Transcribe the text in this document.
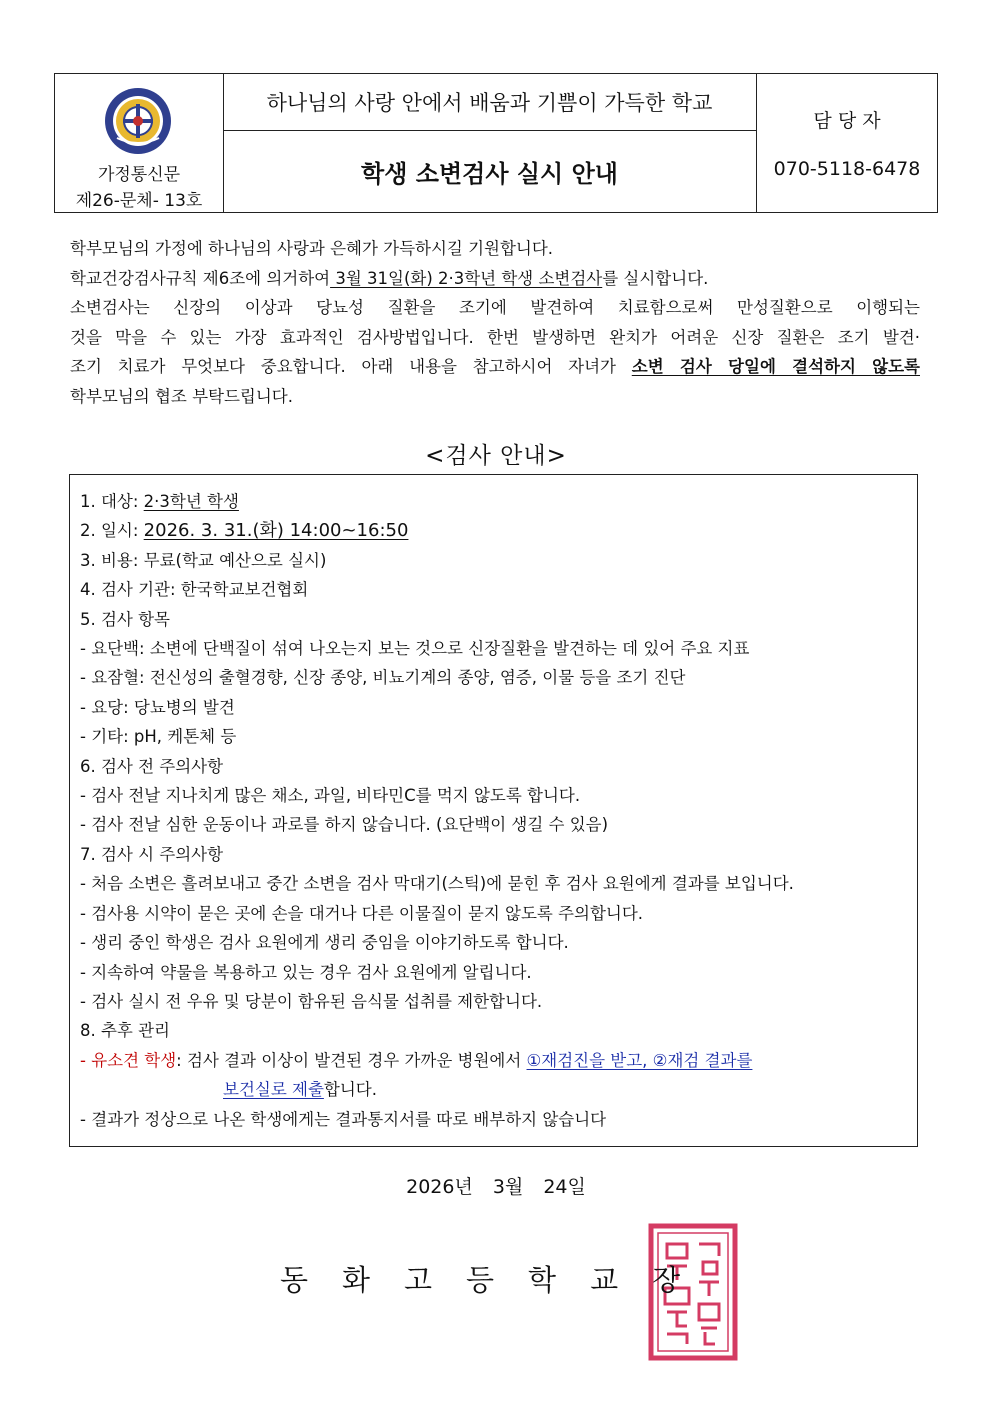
가정통신문
제26-문체- 13호
하나님의 사랑 안에서 배움과 기쁨이 가득한 학교
학생 소변검사 실시 안내
담 당 자
070-5118-6478

학부모님의 가정에 하나님의 사랑과 은혜가 가득하시길 기원합니다.

학교건강검사규칙 제6조에 의거하여 3월 31일(화) 2·3학년 학생 소변검사를 실시합니다.

소변검사는 신장의 이상과 당뇨성 질환을 조기에 발견하여 치료함으로써 만성질환으로 이행되는

것을 막을 수 있는 가장 효과적인 검사방법입니다. 한번 발생하면 완치가 어려운 신장 질환은 조기 발견·

조기 치료가 무엇보다 중요합니다. 아래 내용을 참고하시어 자녀가 소변 검사 당일에 결석하지 않도록

학부모님의 협조 부탁드립니다.

<검사 안내>
1. 대상: 2·3학년 학생
2. 일시: 2026. 3. 31.(화) 14:00~16:50
3. 비용: 무료(학교 예산으로 실시)
4. 검사 기관: 한국학교보건협회
5. 검사 항목
- 요단백: 소변에 단백질이 섞여 나오는지 보는 것으로 신장질환을 발견하는 데 있어 주요 지표
- 요잠혈: 전신성의 출혈경향, 신장 종양, 비뇨기계의 종양, 염증, 이물 등을 조기 진단
- 요당: 당뇨병의 발견
- 기타: pH, 케톤체 등
6. 검사 전 주의사항
- 검사 전날 지나치게 많은 채소, 과일, 비타민C를 먹지 않도록 합니다.
- 검사 전날 심한 운동이나 과로를 하지 않습니다. (요단백이 생길 수 있음)
7. 검사 시 주의사항
- 처음 소변은 흘려보내고 중간 소변을 검사 막대기(스틱)에 묻힌 후 검사 요원에게 결과를 보입니다.
- 검사용 시약이 묻은 곳에 손을 대거나 다른 이물질이 묻지 않도록 주의합니다.
- 생리 중인 학생은 검사 요원에게 생리 중임을 이야기하도록 합니다.
- 지속하여 약물을 복용하고 있는 경우 검사 요원에게 알립니다.
- 검사 실시 전 우유 및 당분이 함유된 음식물 섭취를 제한합니다.
8. 추후 관리
- 유소견 학생: 검사 결과 이상이 발견된 경우 가까운 병원에서 ①재검진을 받고, ②재검 결과를
보건실로 제출합니다.
- 결과가 정상으로 나온 학생에게는 결과통지서를 따로 배부하지 않습니다
2026년 3월 24일
동화고등학교장
